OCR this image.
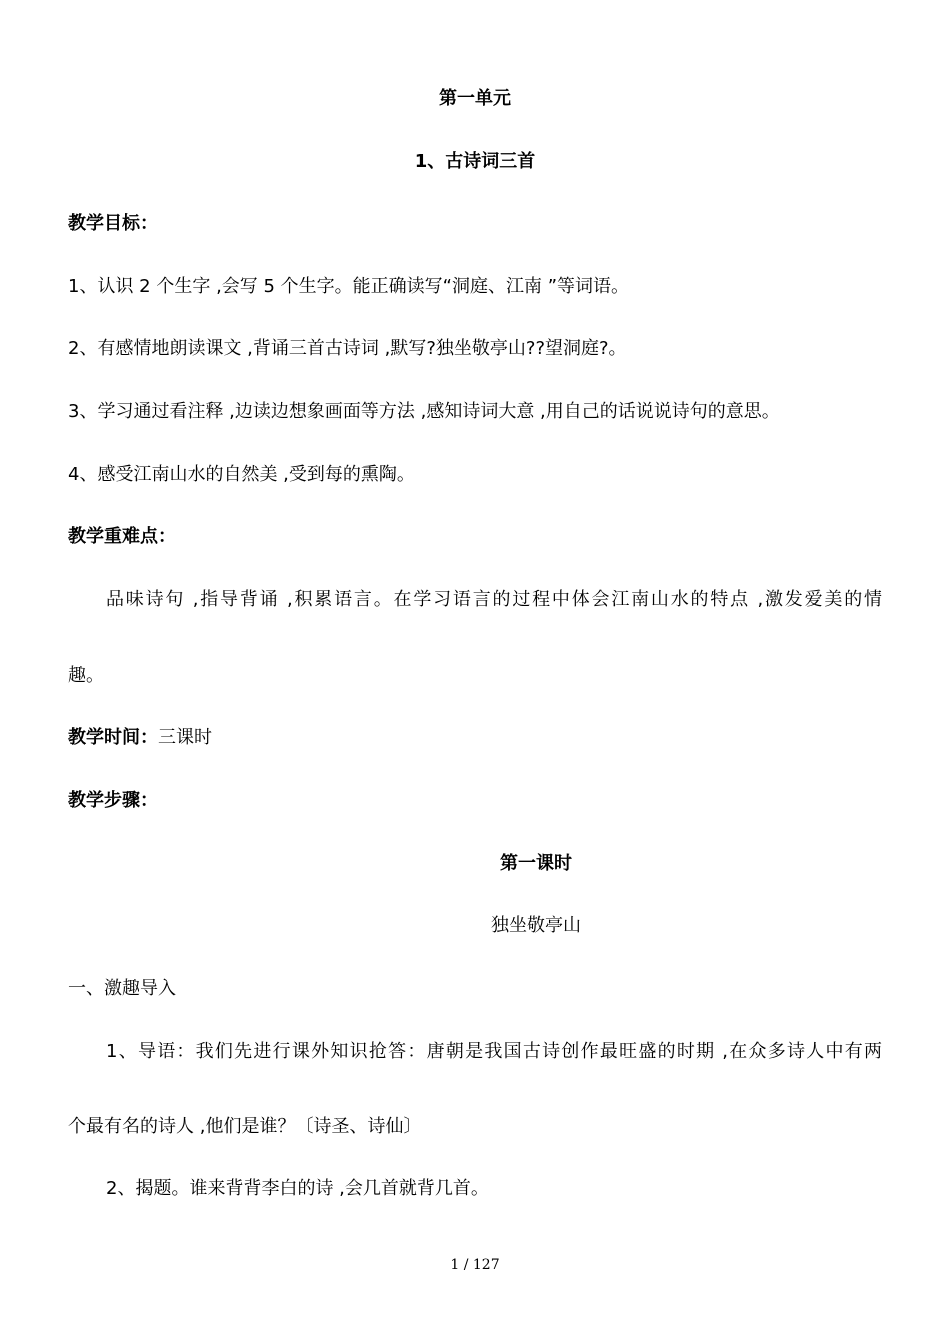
第一单元
1、古诗词三首
教学目标：
1、认识 2 个生字 ,会写 5 个生字。能正确读写“洞庭、江南 ”等词语。
2、有感情地朗读课文 ,背诵三首古诗词 ,默写?独坐敬亭山??望洞庭?。
3、学习通过看注释 ,边读边想象画面等方法 ,感知诗词大意 ,用自己的话说说诗句的意思。
4、感受江南山水的自然美 ,受到每的熏陶。
教学重难点：
品味诗句 ,指导背诵 ,积累语言。在学习语言的过程中体会江南山水的特点 ,激发爱美的情
趣。
教学时间：三课时
教学步骤：
第一课时
独坐敬亭山
一、激趣导入
1、导语：我们先进行课外知识抢答：唐朝是我国古诗创作最旺盛的时期 ,在众多诗人中有两
个最有名的诗人 ,他们是谁？〔诗圣、诗仙〕
2、揭题。谁来背背李白的诗 ,会几首就背几首。
1 / 127
